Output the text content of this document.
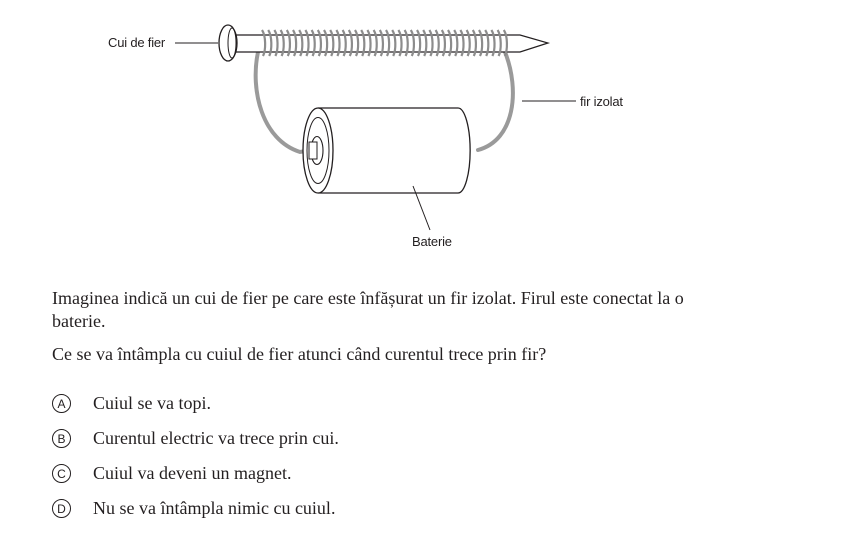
Cui de fier
fir izolat
Baterie

Imaginea indică un cui de fier pe care este înfășurat un fir izolat. Firul este conectat la o baterie.

Ce se va întâmpla cu cuiul de fier atunci când curentul trece prin fir?

A	Cuiul se va topi.
B	Curentul electric va trece prin cui.
C Cuiul va deveni un magnet.
D Nu se va întâmpla nimic cu cuiul.
